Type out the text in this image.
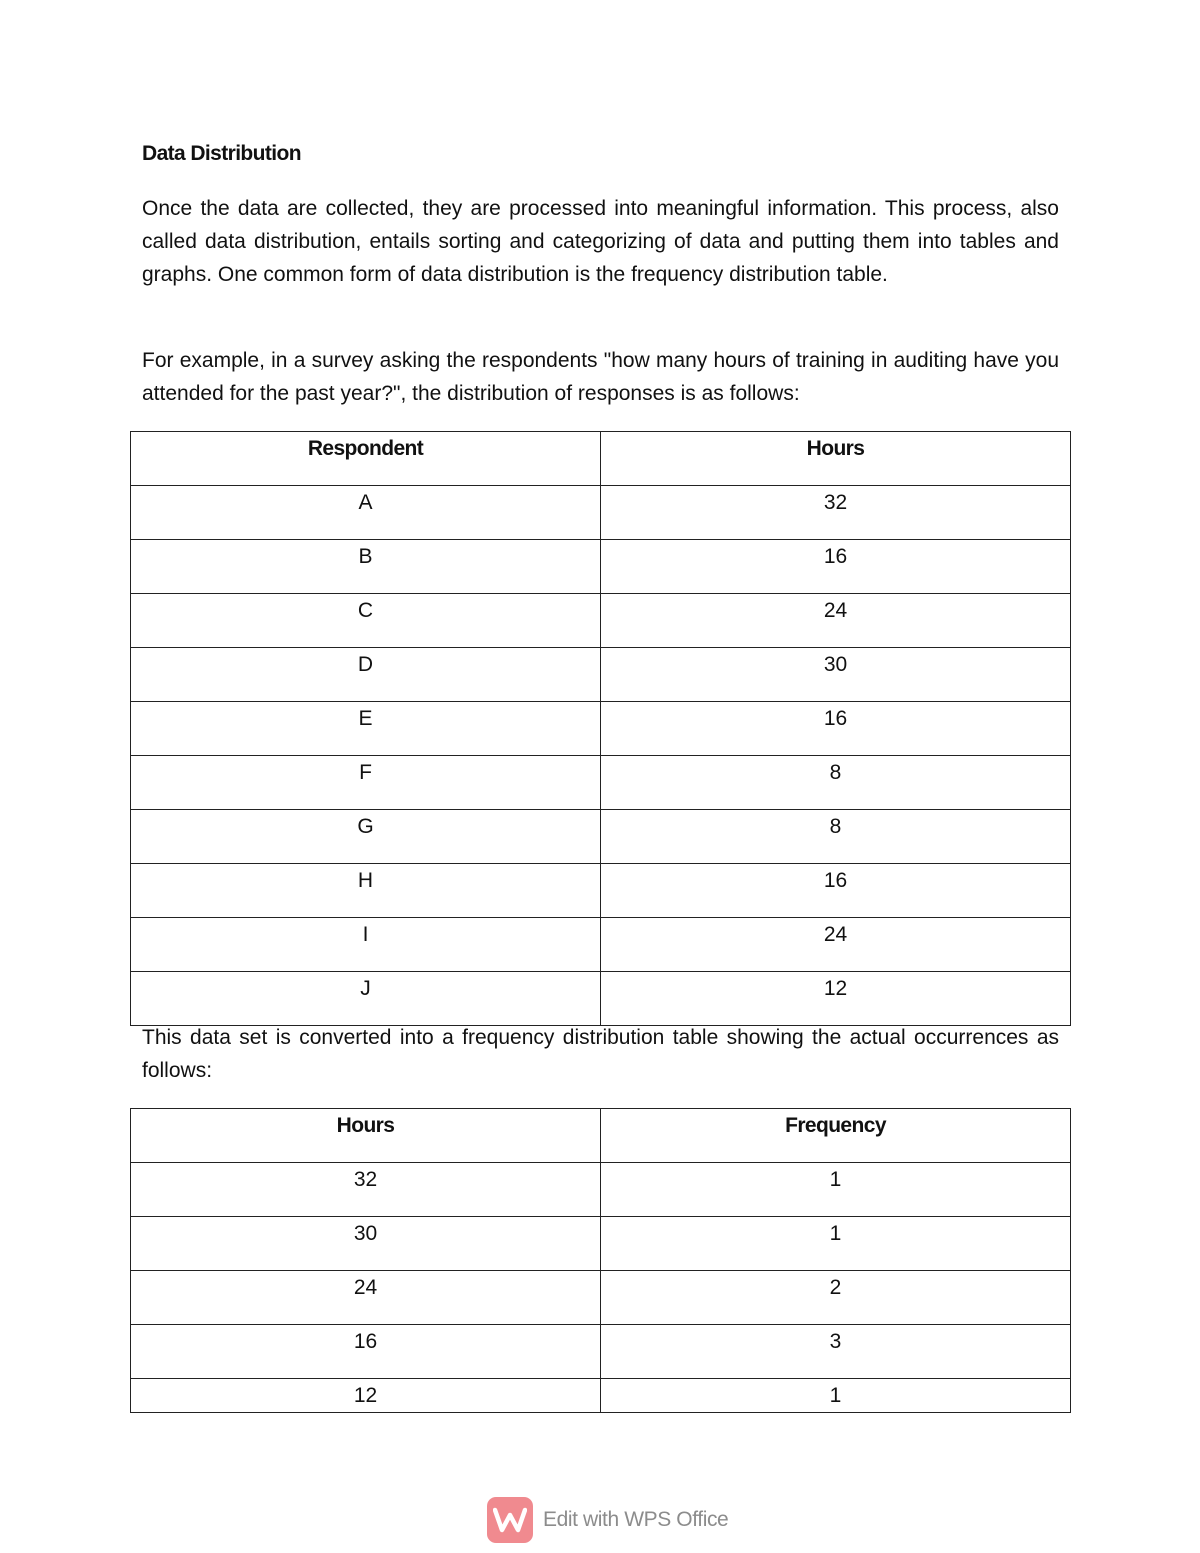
Data Distribution

Once the data are collected, they are processed into meaningful information. This process, also called data distribution, entails sorting and categorizing of data and putting them into tables and graphs. One common form of data distribution is the frequency distribution table.

For example, in a survey asking the respondents "how many hours of training in auditing have you attended for the past year?", the distribution of responses is as follows:

Respondent	Hours
A	32
B	16
C	24
D	30
E	16
F	8
G	8
H	16
I	24
J	12

This data set is converted into a frequency distribution table showing the actual occurrences as follows:

Hours	Frequency
32	1
30	1
24	2
16	3
12	1
Edit with WPS Office
